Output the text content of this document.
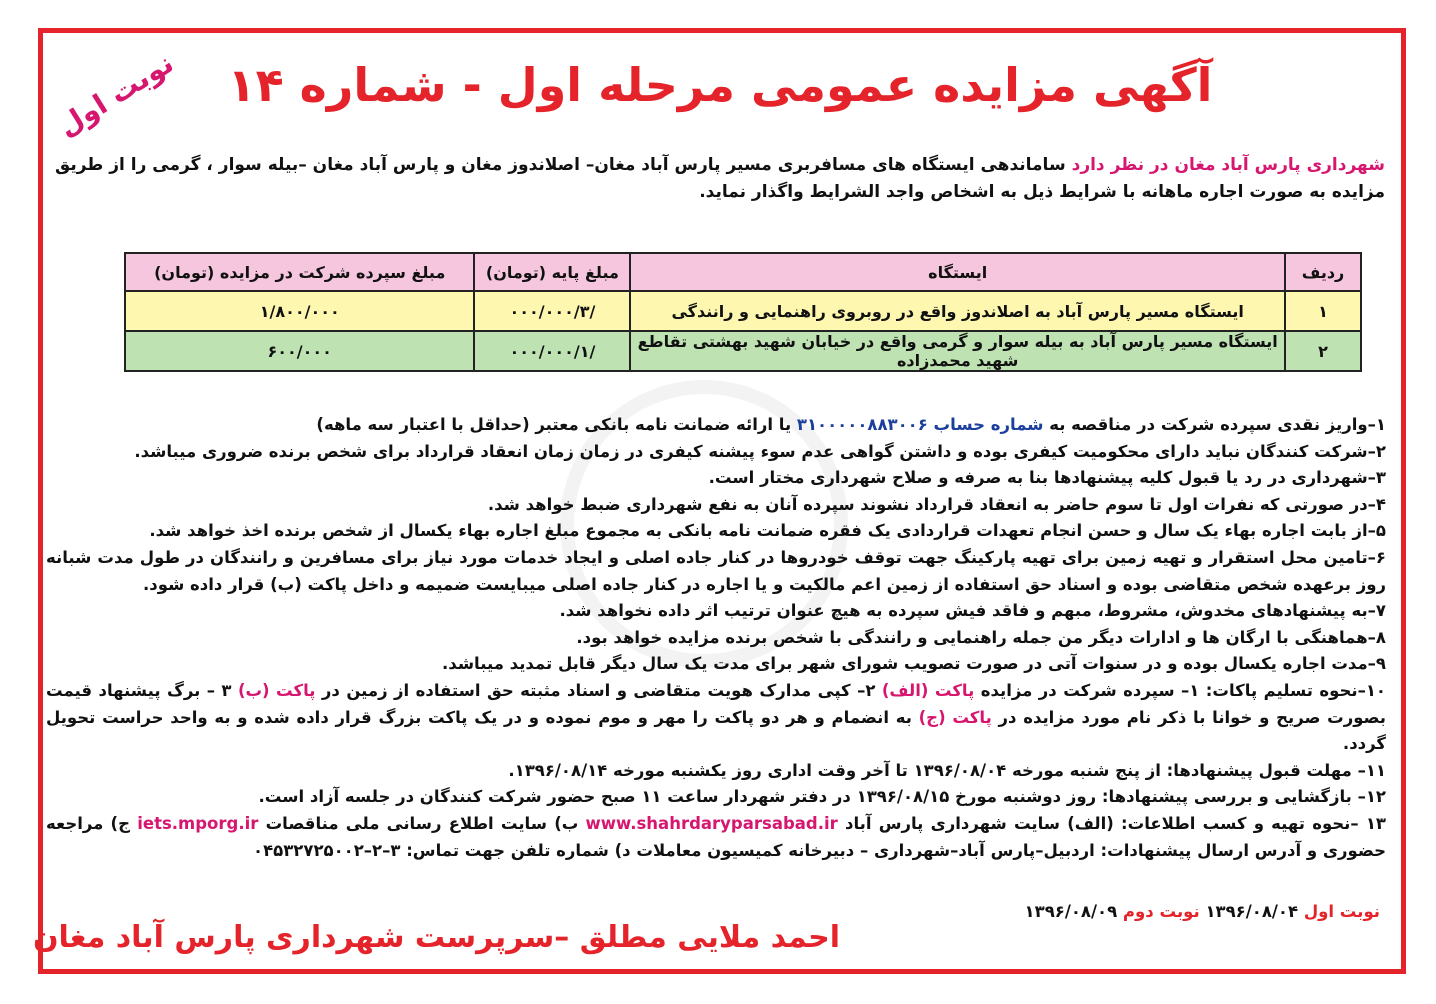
نوبت اول	آگهی مزایده عمومی مرحله اول - شماره ۱۴
شهرداری پارس آباد مغان در نظر دارد ساماندهی ایستگاه های مسافربری مسیر پارس آباد مغان– اصلاندوز مغان و پارس آباد مغان –بیله سوار ، گرمی را از طریق مزایده به صورت اجاره ماهانه با شرایط ذیل به اشخاص واجد الشرایط واگذار نماید.
ردیف	ایستگاه	مبلغ پایه (تومان)	مبلغ سپرده شرکت در مزایده (تومان)
۱	ایستگاه مسیر پارس آباد به اصلاندوز واقع در روبروی راهنمایی و رانندگی	/۰۰۰/۰۰۰/۳	۱/۸۰۰/۰۰۰
۲	ایستگاه مسیر پارس آباد به بیله سوار و گرمی واقع در خیابان شهید بهشتی تقاطع شهید محمدزاده	/۰۰۰/۰۰۰/۱	۶۰۰/۰۰۰

۱–واریز نقدی سپرده شرکت در مناقصه به شماره حساب ۳۱۰۰۰۰۰۸۸۳۰۰۶ یا ارائه ضمانت نامه بانکی معتبر (حداقل با اعتبار سه ماهه)

۲–شرکت کنندگان نباید دارای محکومیت کیفری بوده و داشتن گواهی عدم سوء پیشنه کیفری در زمان زمان انعقاد قرارداد برای شخص برنده ضروری میباشد.

۳–شهرداری در رد یا قبول کلیه پیشنهادها بنا به صرفه و صلاح شهرداری مختار است.

۴–در صورتی که نفرات اول تا سوم حاضر به انعقاد قرارداد نشوند سپرده آنان به نفع شهرداری ضبط خواهد شد.

۵–از بابت اجاره بهاء یک سال و حسن انجام تعهدات قراردادی یک فقره ضمانت نامه بانکی به مجموع مبلغ اجاره بهاء یکسال از شخص برنده اخذ خواهد شد.

۶–تامین محل استقرار و تهیه زمین برای تهیه پارکینگ جهت توقف خودروها در کنار جاده اصلی و ایجاد خدمات مورد نیاز برای مسافرین و رانندگان در طول مدت شبانه روز برعهده شخص متقاضی بوده و اسناد حق استفاده از زمین اعم مالکیت و یا اجاره در کنار جاده اصلی میبایست ضمیمه و داخل پاکت (ب) قرار داده شود.

۷–به پیشنهادهای مخدوش، مشروط، مبهم و فاقد فیش سپرده به هیچ عنوان ترتیب اثر داده نخواهد شد.

۸–هماهنگی با ارگان ها و ادارات دیگر من جمله راهنمایی و رانندگی با شخص برنده مزایده خواهد بود.

۹–مدت اجاره یکسال بوده و در سنوات آتی در صورت تصویب شورای شهر برای مدت یک سال دیگر قابل تمدید میباشد.

۱۰–نحوه تسلیم پاکات: ۱– سپرده شرکت در مزایده پاکت (الف) ۲– کپی مدارک هویت متقاضی و اسناد مثبته حق استفاده از زمین در پاکت (ب) ۳ – برگ پیشنهاد قیمت بصورت صریح و خوانا با ذکر نام مورد مزایده در پاکت (ج) به انضمام و هر دو پاکت را مهر و موم نموده و در یک پاکت بزرگ قرار داده شده و به واحد حراست تحویل گردد.

۱۱– مهلت قبول پیشنهادها: از پنج شنبه مورخه ۱۳۹۶/۰۸/۰۴ تا آخر وقت اداری روز یکشنبه مورخه ۱۳۹۶/۰۸/۱۴.

۱۲– بازگشایی و بررسی پیشنهادها: روز دوشنبه مورخ ۱۳۹۶/۰۸/۱۵ در دفتر شهردار ساعت ۱۱ صبح حضور شرکت کنندگان در جلسه آزاد است.

۱۳ –نحوه تهیه و کسب اطلاعات: (الف) سایت شهرداری پارس آباد www.shahrdaryparsabad.ir ب) سایت اطلاع رسانی ملی مناقصات iets.mporg.ir ج) مراجعه حضوری و آدرس ارسال پیشنهادات: اردبیل–پارس آباد–شهرداری – دبیرخانه کمیسیون معاملات د) شماره تلفن جهت تماس: ۳–۲–۰۴۵۳۲۷۲۵۰۰۲

نوبت اول ۱۳۹۶/۰۸/۰۴ نوبت دوم ۱۳۹۶/۰۸/۰۹
احمد ملایی مطلق –سرپرست شهرداری پارس آباد مغان
